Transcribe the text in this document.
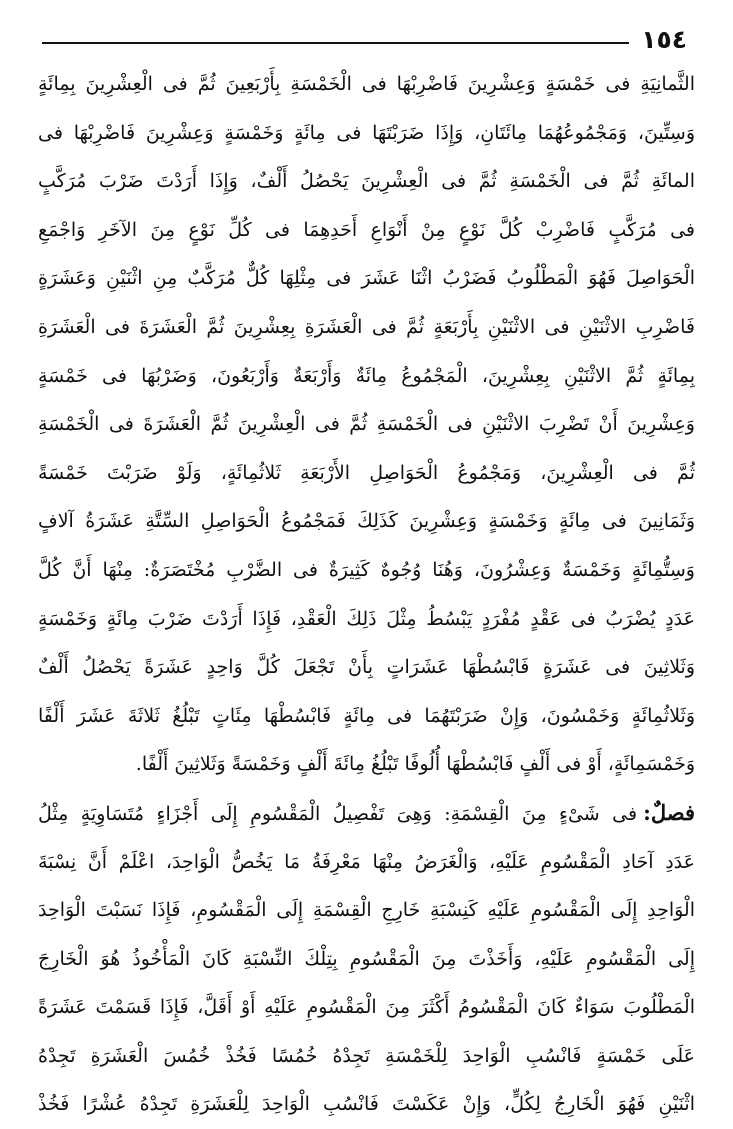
١٥٤
الثَّمانِيَةِ فى خَمْسَةٍ وَعِشْرِينَ فَاضْرِبْهَا فى الْخَمْسَةِ بِأَرْبَعِينَ ثُمَّ فى الْعِشْرِينَ بِمِائَةٍ
وَسِتِّينَ، وَمَجْمُوعُهُمَا مِائَتَانِ، وَإِذَا ضَرَبْتَهَا فى مِائَةٍ وَخَمْسَةٍ وَعِشْرِينَ فَاضْرِبْهَا فى
المائَةِ ثُمَّ فى الْخَمْسَةِ ثُمَّ فى الْعِشْرِينَ يَحْصُلُ أَلْفٌ، وَإِذَا أَرَدْتَ ضَرْبَ مُرَكَّبٍ
فى مُرَكَّبٍ فَاضْرِبْ كُلَّ نَوْعٍ مِنْ أَنْوَاعِ أَحَدِهِمَا فى كُلِّ نَوْعٍ مِنَ الآخَرِ وَاجْمَعِ
الْحَوَاصِلَ فَهُوَ الْمَطْلُوبُ فَضَرْبُ اثْنَا عَشَرَ فى مِثْلِهَا كُلٌّ مُرَكَّبٌ مِنِ اثْنَيْنِ وَعَشَرَةٍ
فَاضْرِبِ الاثْنَيْنِ فى الاثْنَيْنِ بِأَرْبَعَةٍ ثُمَّ فى الْعَشَرَةِ بِعِشْرِينَ ثُمَّ الْعَشَرَةَ فى الْعَشَرَةِ
بِمِائَةٍ ثُمَّ الاثْنَيْنِ بِعِشْرِينَ، الْمَجْمُوعُ مِائَةٌ وَأَرْبَعَةٌ وَأَرْبَعُونَ، وَضَرْبُهَا فى خَمْسَةٍ
وَعِشْرِينَ أَنْ تَضْرِبَ الاثْنَيْنِ فى الْخَمْسَةِ ثُمَّ فى الْعِشْرِينَ ثُمَّ الْعَشَرَةَ فى الْخَمْسَةِ
ثُمَّ فى الْعِشْرِينَ، وَمَجْمُوعُ الْحَوَاصِلِ الأَرْبَعَةِ ثَلاثُمِائَةٍ، وَلَوْ ضَرَبْتَ خَمْسَةً
وَثَمَانِينَ فى مِائَةٍ وَخَمْسَةٍ وَعِشْرِينَ كَذَلِكَ فَمَجْمُوعُ الْحَوَاصِلِ السِّتَّةِ عَشَرَةُ آلافٍ
وَسِتُّمِائَةٍ وَخَمْسَةٌ وَعِشْرُونَ، وَهُنَا وُجُوهٌ كَثِيرَةٌ فى الضَّرْبِ مُخْتَصَرَةٌ: مِنْهَا أَنَّ كُلَّ
عَدَدٍ يُضْرَبُ فى عَقْدٍ مُفْرَدٍ يَبْسُطُ مِثْلَ ذَلِكَ الْعَقْدِ، فَإِذَا أَرَدْتَ ضَرْبَ مِائَةٍ وَخَمْسَةٍ
وَثَلاثِينَ فى عَشَرَةٍ فَابْسُطْهَا عَشَرَاتٍ بِأَنْ تَجْعَلَ كُلَّ وَاحِدٍ عَشَرَةً يَحْصُلُ أَلْفٌ
وَثَلاثُمِائَةٍ وَخَمْسُونَ، وَإِنْ ضَرَبْتَهُمَا فى مِائَةٍ فَابْسُطْهَا مِئَاتٍ تَبْلُغُ ثَلاثَةَ عَشَرَ أَلْفًا
وَخَمْسَمِائَةٍ، أَوْ فى أَلْفٍ فَابْسُطْهَا أُلُوفًا تَبْلُغُ مِائَةَ أَلْفٍ وَخَمْسَةً وَثَلاثِينَ أَلْفًا.
فصلٌ:فى شَىْءٍ مِنَ الْقِسْمَةِ: وَهِىَ تَفْصِيلُ الْمَقْسُومِ إِلَى أَجْزَاءٍ مُتَسَاوِيَةٍ مِثْلُ
عَدَدِ آحَادِ الْمَقْسُومِ عَلَيْهِ، وَالْغَرَضُ مِنْهَا مَعْرِفَةُ مَا يَخُصُّ الْوَاحِدَ، اعْلَمْ أَنَّ نِسْبَةَ
الْوَاحِدِ إِلَى الْمَقْسُومِ عَلَيْهِ كَنِسْبَةِ خَارِجِ الْقِسْمَةِ إِلَى الْمَقْسُومِ، فَإِذَا نَسَبْتَ الْوَاحِدَ
إِلَى الْمَقْسُومِ عَلَيْهِ، وَأَخَذْتَ مِنَ الْمَقْسُومِ بِتِلْكَ النِّسْبَةِ كَانَ الْمَأْخُوذُ هُوَ الْخَارِجَ
الْمَطْلُوبَ سَوَاءٌ كَانَ الْمَقْسُومُ أَكْثَرَ مِنَ الْمَقْسُومِ عَلَيْهِ أَوْ أَقَلَّ، فَإِذَا قَسَمْتَ عَشَرَةً
عَلَى خَمْسَةٍ فَانْسُبِ الْوَاحِدَ لِلْخَمْسَةِ تَجِدْهُ خُمُسًا فَخُذْ خُمُسَ الْعَشَرَةِ تَجِدْهُ
اثْنَيْنِ فَهُوَ الْخَارِجُ لِكُلٍّ، وَإِنْ عَكَسْتَ فَانْسُبِ الْوَاحِدَ لِلْعَشَرَةِ تَجِدْهُ عُشْرًا فَخُذْ
